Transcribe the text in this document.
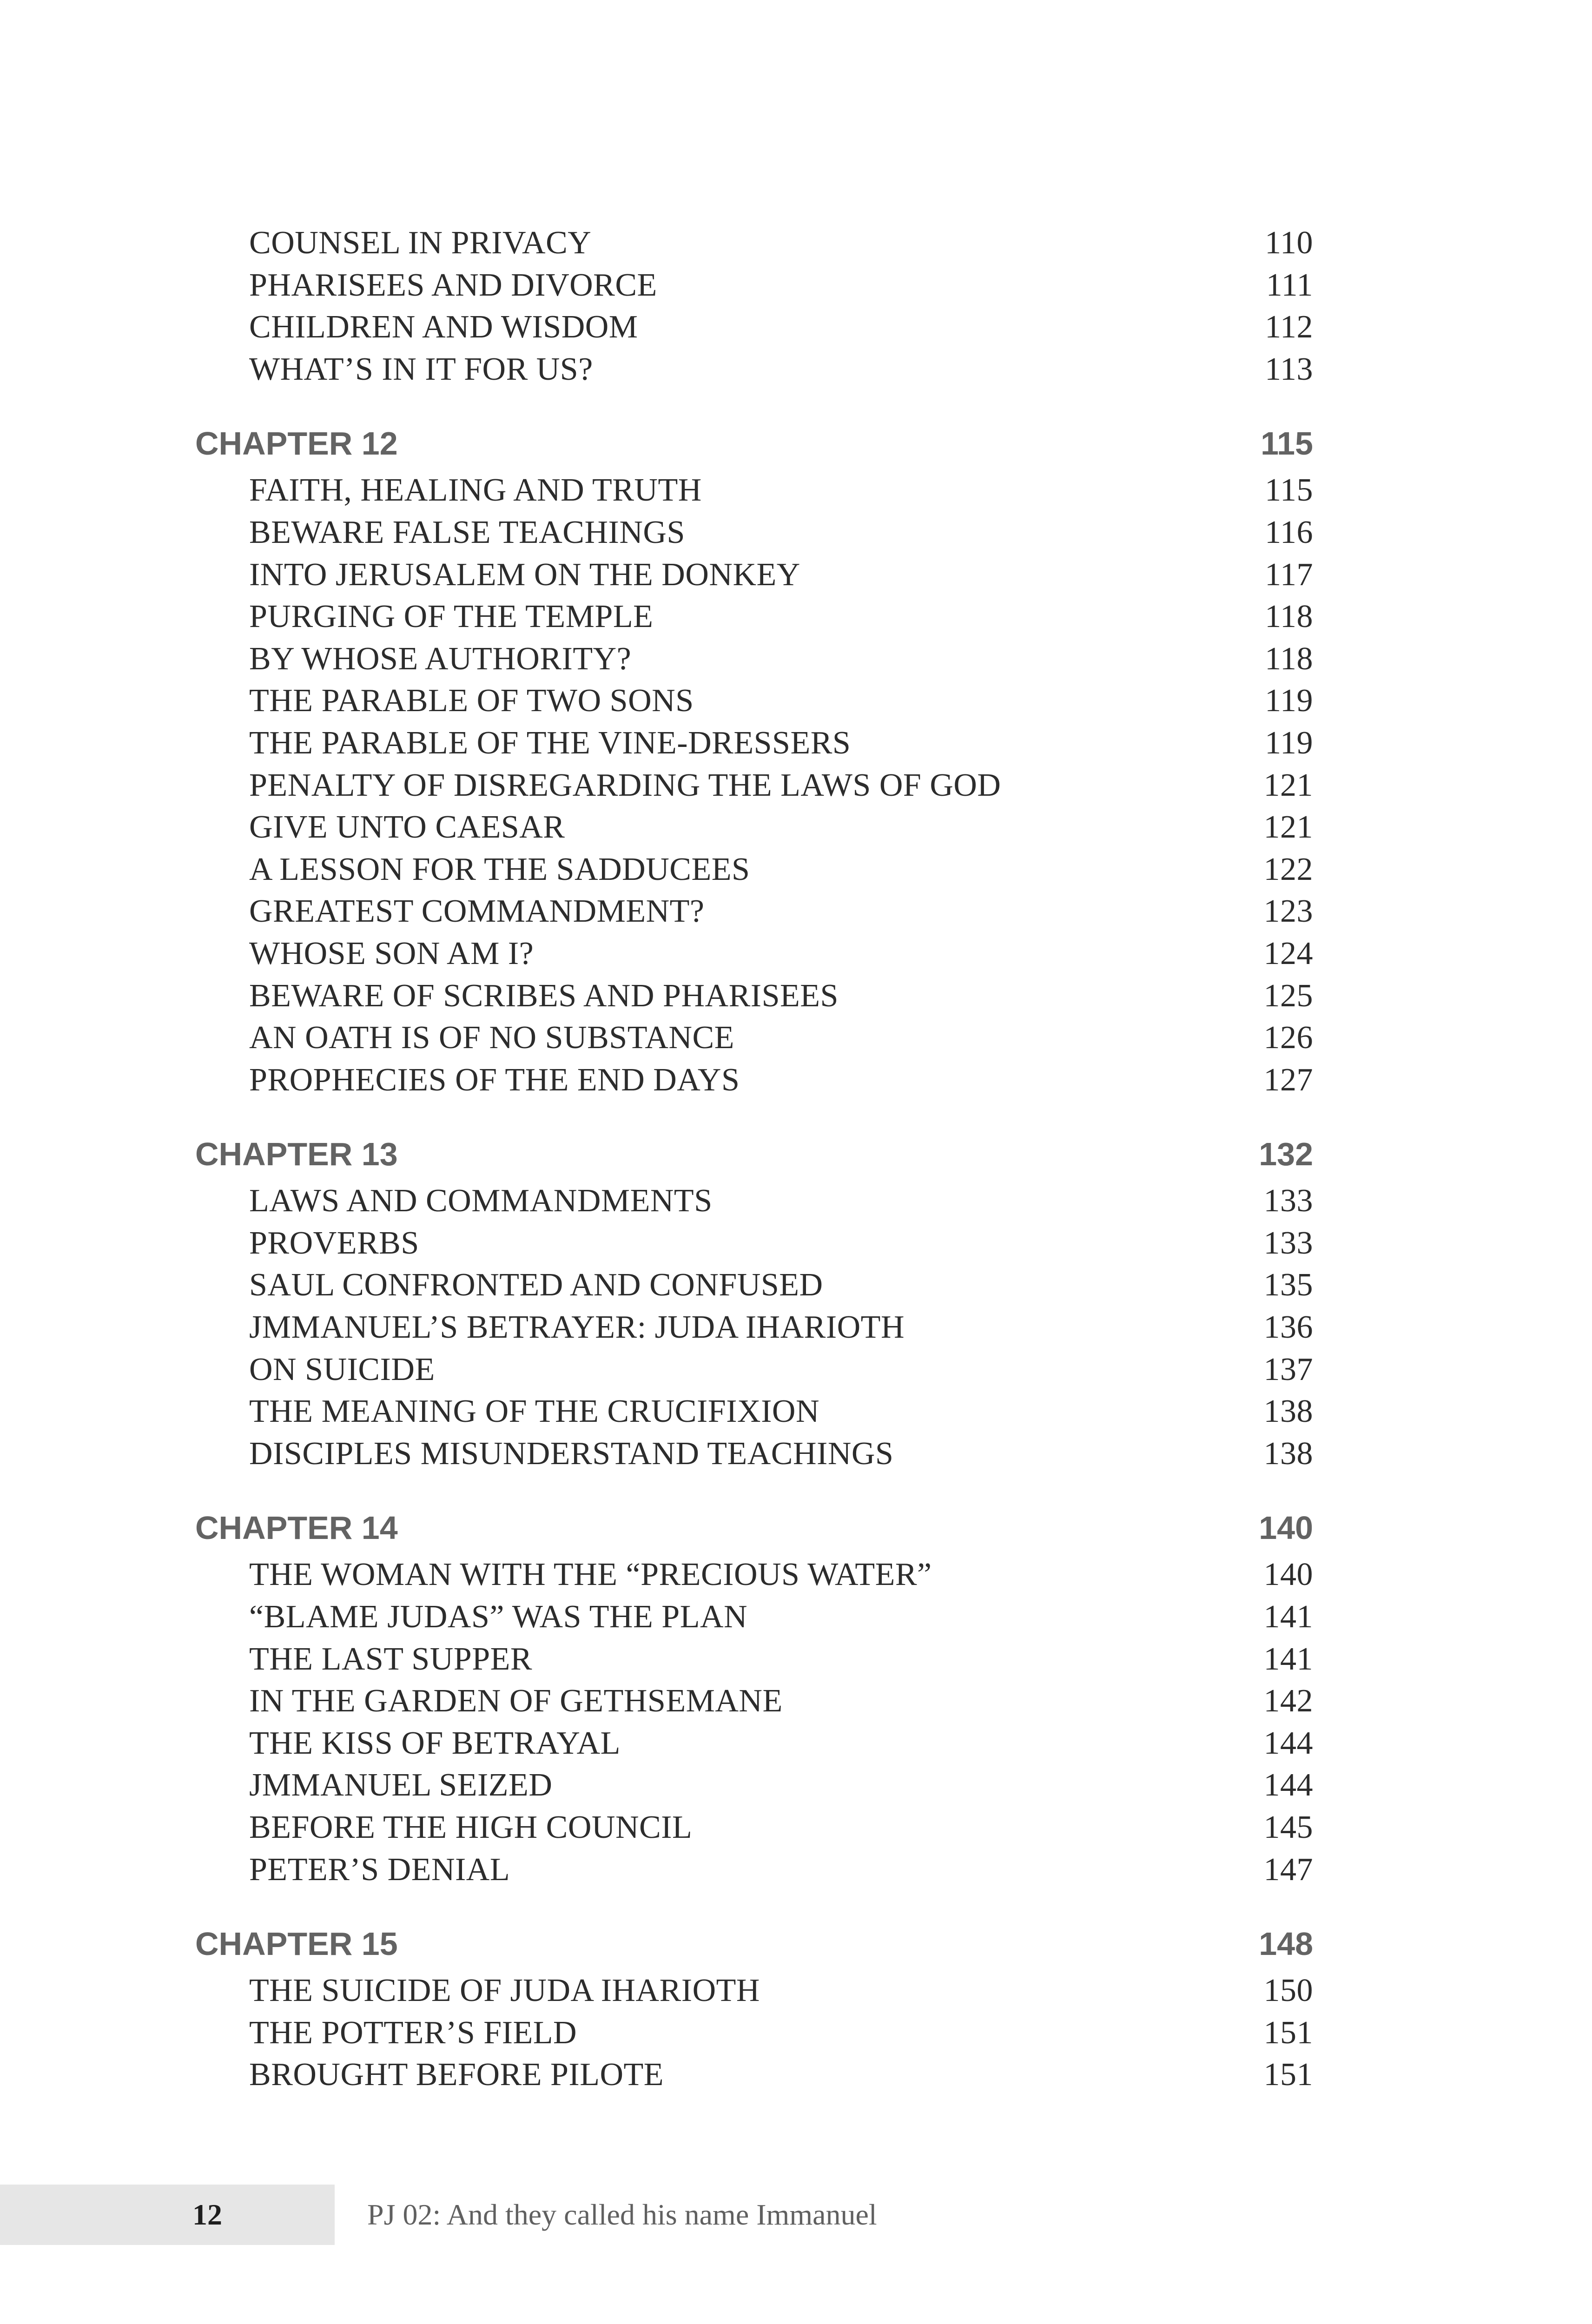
COUNSEL IN PRIVACY	110
PHARISEES AND DIVORCE	111
CHILDREN AND WISDOM	112
WHAT’S IN IT FOR US?	113
CHAPTER 12	115
FAITH, HEALING AND TRUTH	115
BEWARE FALSE TEACHINGS	116
INTO JERUSALEM ON THE DONKEY	117
PURGING OF THE TEMPLE	118
BY WHOSE AUTHORITY?	118
THE PARABLE OF TWO SONS	119
THE PARABLE OF THE VINE-DRESSERS	119
PENALTY OF DISREGARDING THE LAWS OF GOD	121
GIVE UNTO CAESAR	121
A LESSON FOR THE SADDUCEES	122
GREATEST COMMANDMENT?	123
WHOSE SON AM I?	124
BEWARE OF SCRIBES AND PHARISEES	125
AN OATH IS OF NO SUBSTANCE	126
PROPHECIES OF THE END DAYS	127
CHAPTER 13	132
LAWS AND COMMANDMENTS	133
PROVERBS	133
SAUL CONFRONTED AND CONFUSED	135
JMMANUEL’S BETRAYER: JUDA IHARIOTH	136
ON SUICIDE	137
THE MEANING OF THE CRUCIFIXION	138
DISCIPLES MISUNDERSTAND TEACHINGS	138
CHAPTER 14	140
THE WOMAN WITH THE “PRECIOUS WATER”	140
“BLAME JUDAS” WAS THE PLAN	141
THE LAST SUPPER	141
IN THE GARDEN OF GETHSEMANE	142
THE KISS OF BETRAYAL	144
JMMANUEL SEIZED	144
BEFORE THE HIGH COUNCIL	145
PETER’S DENIAL	147
CHAPTER 15	148
THE SUICIDE OF JUDA IHARIOTH	150
THE POTTER’S FIELD	151
BROUGHT BEFORE PILOTE	151
12	PJ 02: And they called his name Immanuel
